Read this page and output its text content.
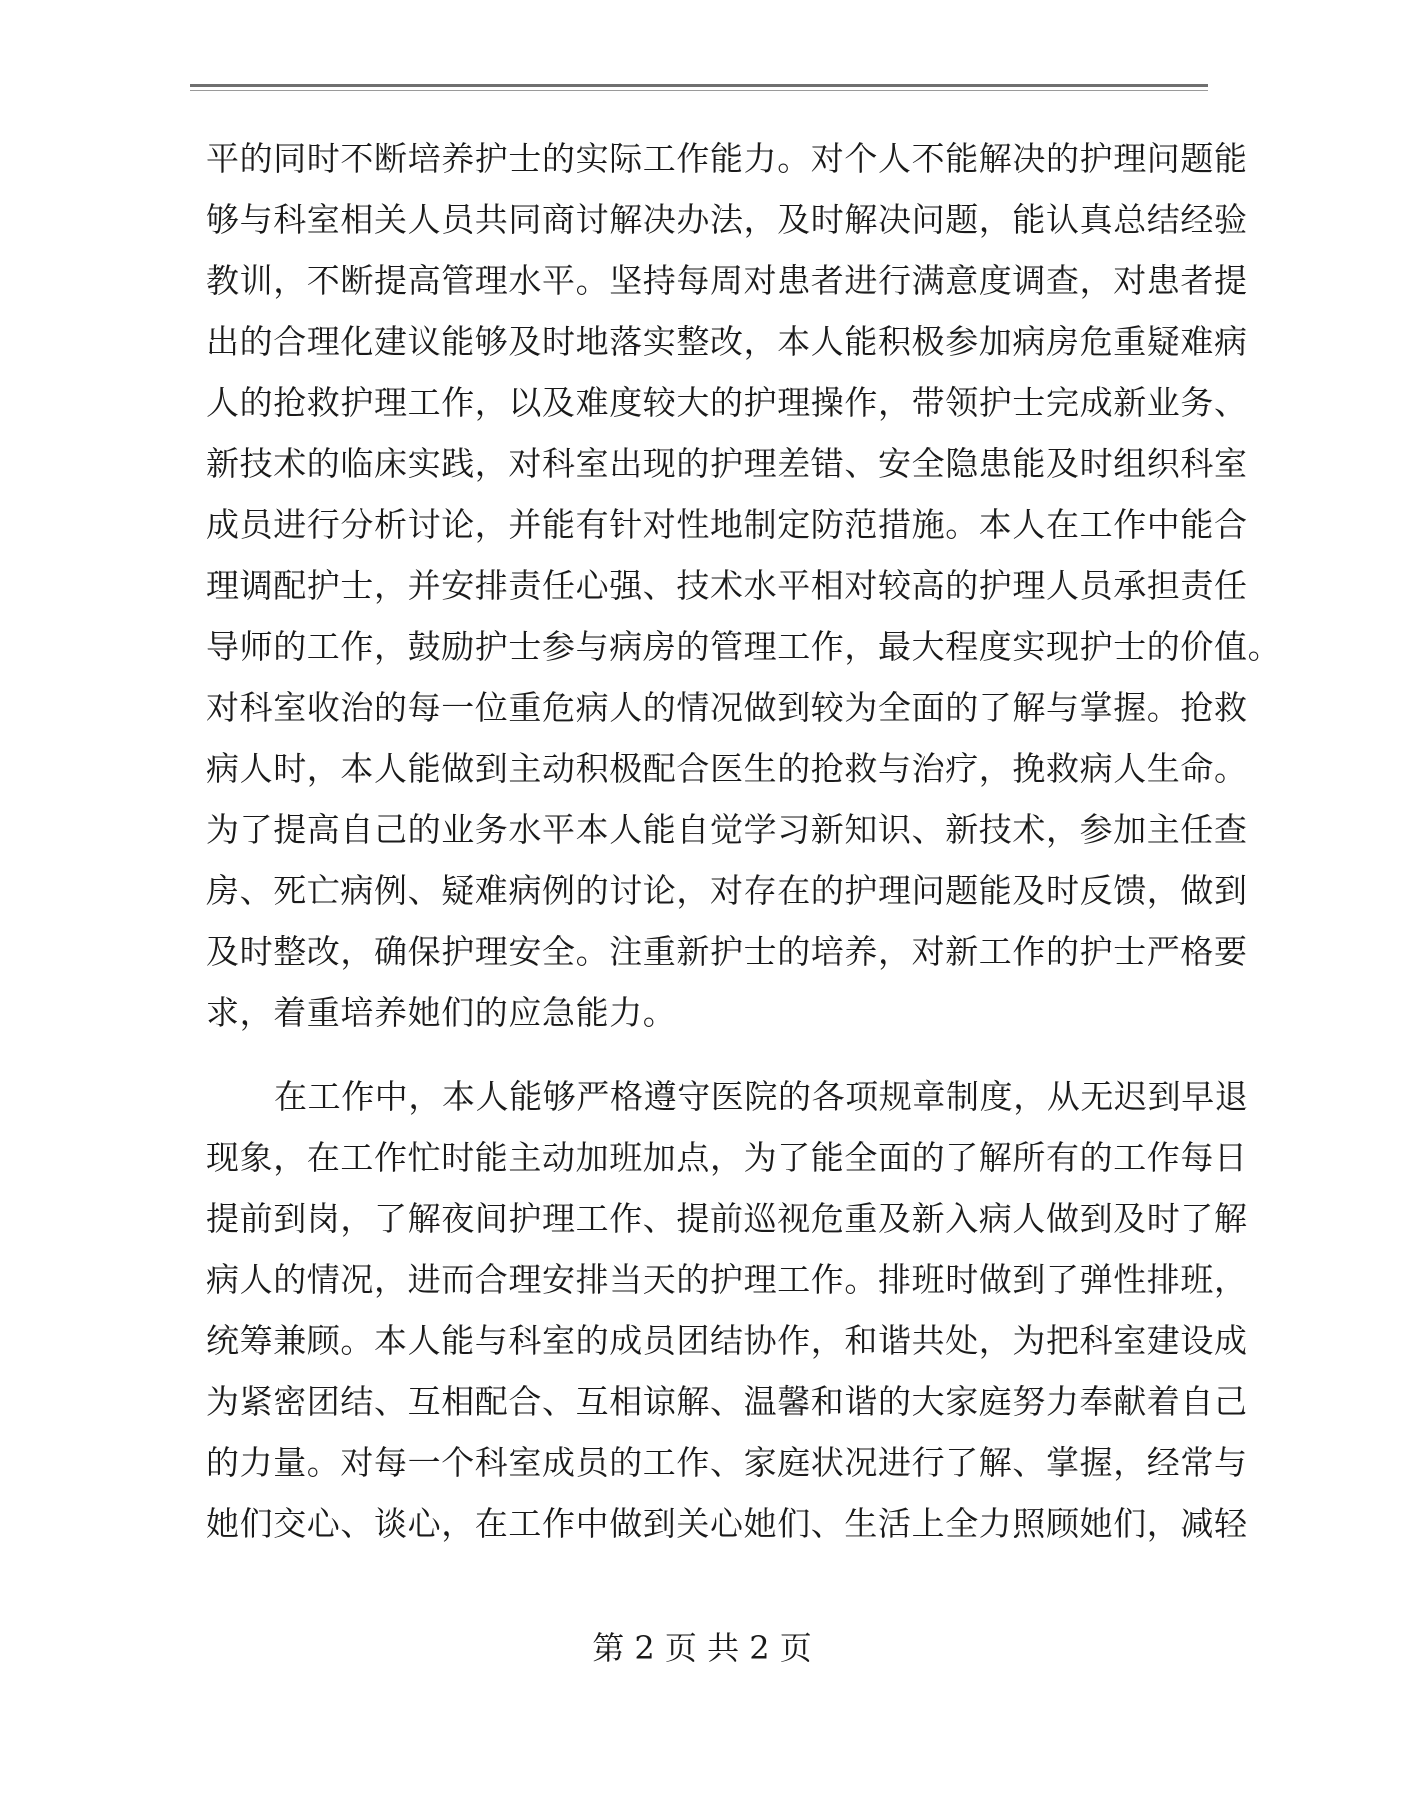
平的同时不断培养护士的实际工作能力。对个人不能解决的护理问题能
够与科室相关人员共同商讨解决办法，及时解决问题，能认真总结经验
教训，不断提高管理水平。坚持每周对患者进行满意度调查，对患者提
出的合理化建议能够及时地落实整改，本人能积极参加病房危重疑难病
人的抢救护理工作，以及难度较大的护理操作，带领护士完成新业务、
新技术的临床实践，对科室出现的护理差错、安全隐患能及时组织科室
成员进行分析讨论，并能有针对性地制定防范措施。本人在工作中能合
理调配护士，并安排责任心强、技术水平相对较高的护理人员承担责任
导师的工作，鼓励护士参与病房的管理工作，最大程度实现护士的价值。
对科室收治的每一位重危病人的情况做到较为全面的了解与掌握。抢救
病人时，本人能做到主动积极配合医生的抢救与治疗，挽救病人生命。
为了提高自己的业务水平本人能自觉学习新知识、新技术，参加主任查
房、死亡病例、疑难病例的讨论，对存在的护理问题能及时反馈，做到
及时整改，确保护理安全。注重新护士的培养，对新工作的护士严格要
求，着重培养她们的应急能力。
在工作中，本人能够严格遵守医院的各项规章制度，从无迟到早退
现象，在工作忙时能主动加班加点，为了能全面的了解所有的工作每日
提前到岗，了解夜间护理工作、提前巡视危重及新入病人做到及时了解
病人的情况，进而合理安排当天的护理工作。排班时做到了弹性排班，
统筹兼顾。本人能与科室的成员团结协作，和谐共处，为把科室建设成
为紧密团结、互相配合、互相谅解、温馨和谐的大家庭努力奉献着自己
的力量。对每一个科室成员的工作、家庭状况进行了解、掌握，经常与
她们交心、谈心，在工作中做到关心她们、生活上全力照顾她们，减轻
第 2 页 共 2 页
